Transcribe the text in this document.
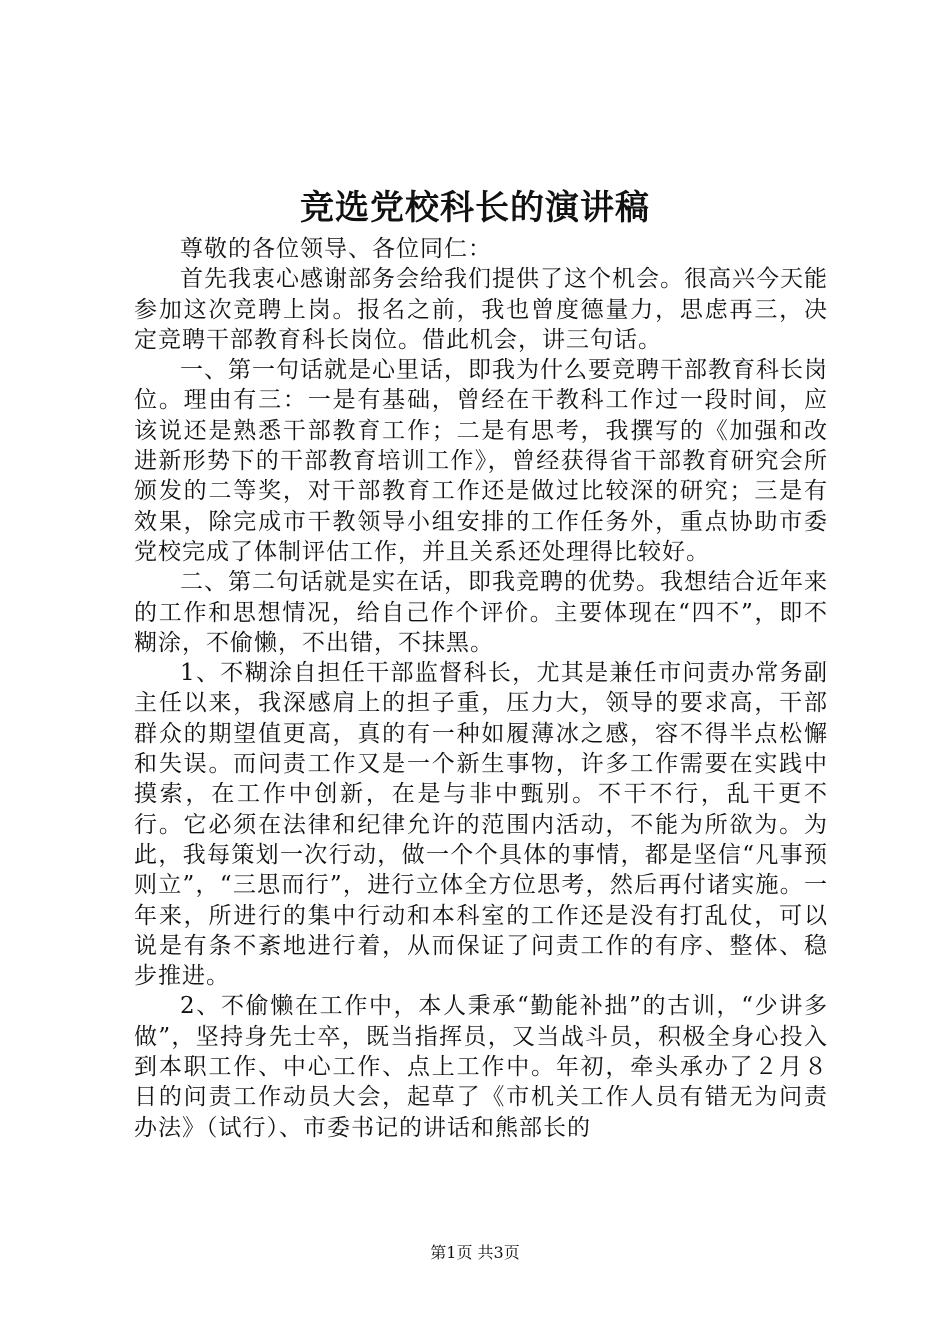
竞选党校科长的演讲稿

尊敬的各位领导、各位同仁：

首先我衷心感谢部务会给我们提供了这个机会。很高兴今天能参加这次竞聘上岗。报名之前，我也曾度德量力，思虑再三，决定竞聘干部教育科长岗位。借此机会，讲三句话。

一、第一句话就是心里话，即我为什么要竞聘干部教育科长岗位。理由有三：一是有基础，曾经在干教科工作过一段时间，应该说还是熟悉干部教育工作；二是有思考，我撰写的《加强和改进新形势下的干部教育培训工作》，曾经获得省干部教育研究会所颁发的二等奖，对干部教育工作还是做过比较深的研究；三是有效果，除完成市干教领导小组安排的工作任务外，重点协助市委党校完成了体制评估工作，并且关系还处理得比较好。

二、第二句话就是实在话，即我竞聘的优势。我想结合近年来的工作和思想情况，给自己作个评价。主要体现在“四不”，即不糊涂，不偷懒，不出错，不抹黑。

1、不糊涂自担任干部监督科长，尤其是兼任市问责办常务副主任以来，我深感肩上的担子重，压力大，领导的要求高，干部群众的期望值更高，真的有一种如履薄冰之感，容不得半点松懈和失误。而问责工作又是一个新生事物，许多工作需要在实践中摸索，在工作中创新，在是与非中甄别。不干不行，乱干更不行。它必须在法律和纪律允许的范围内活动，不能为所欲为。为此，我每策划一次行动，做一个个具体的事情，都是坚信“凡事预则立”，“三思而行”，进行立体全方位思考，然后再付诸实施。一年来，所进行的集中行动和本科室的工作还是没有打乱仗，可以说是有条不紊地进行着，从而保证了问责工作的有序、整体、稳步推进。

2、不偷懒在工作中，本人秉承“勤能补拙”的古训，“少讲多做”，坚持身先士卒，既当指挥员，又当战斗员，积极全身心投入到本职工作、中心工作、点上工作中。年初，牵头承办了２月８日的问责工作动员大会，起草了《市机关工作人员有错无为问责办法》（试行）、市委书记的讲话和熊部长的

第1页 共3页
